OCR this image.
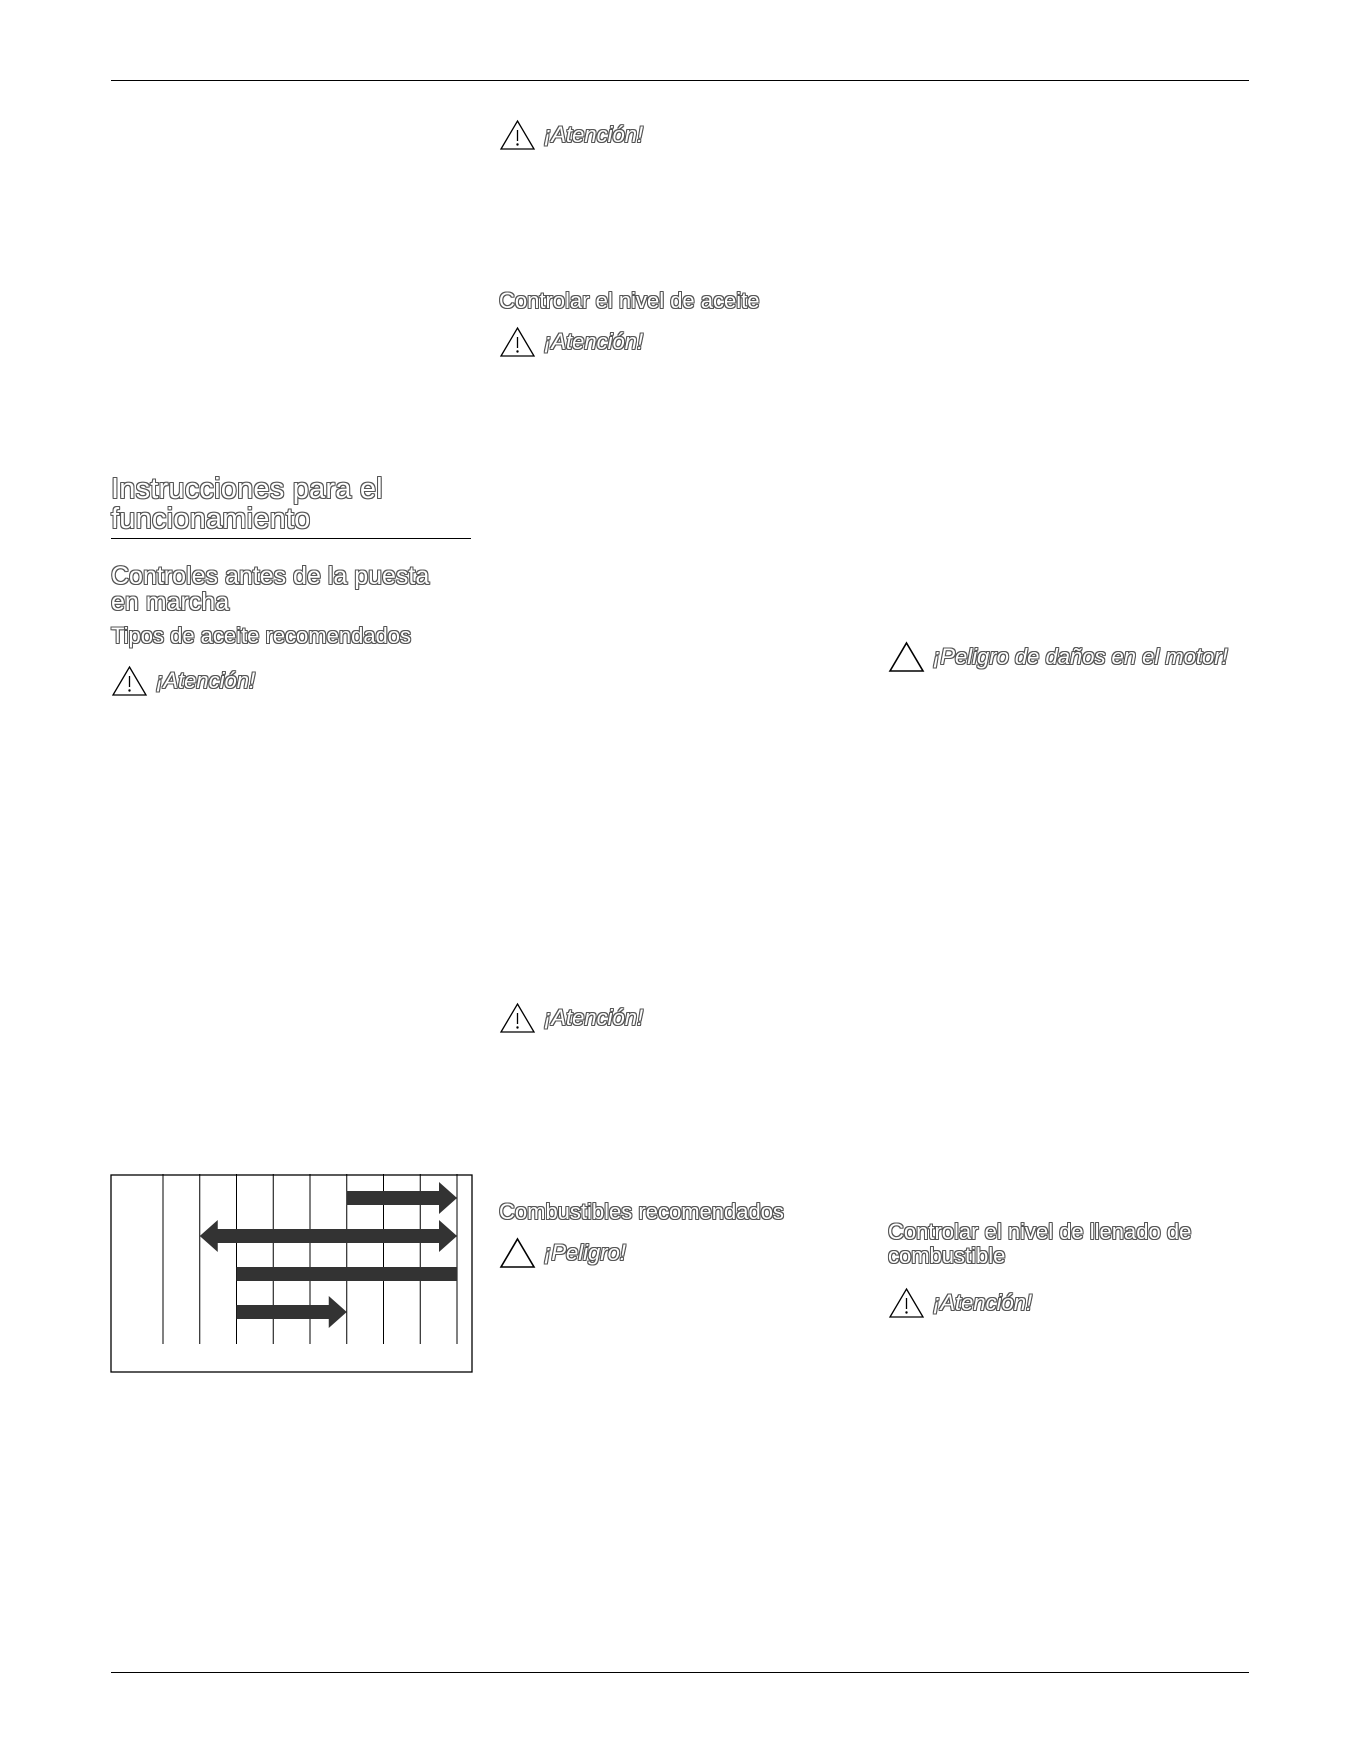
Instrucciones para el
funcionamiento
Controles antes de la puesta
en marcha
Tipos de aceite recomendados
¡Atención!
¡Atención!
Controlar el nivel de aceite
¡Atención!
¡Atención!
Combustibles recomendados
¡Peligro!
¡Peligro de daños en el motor!
Controlar el nivel de llenado de
combustible
¡Atención!
